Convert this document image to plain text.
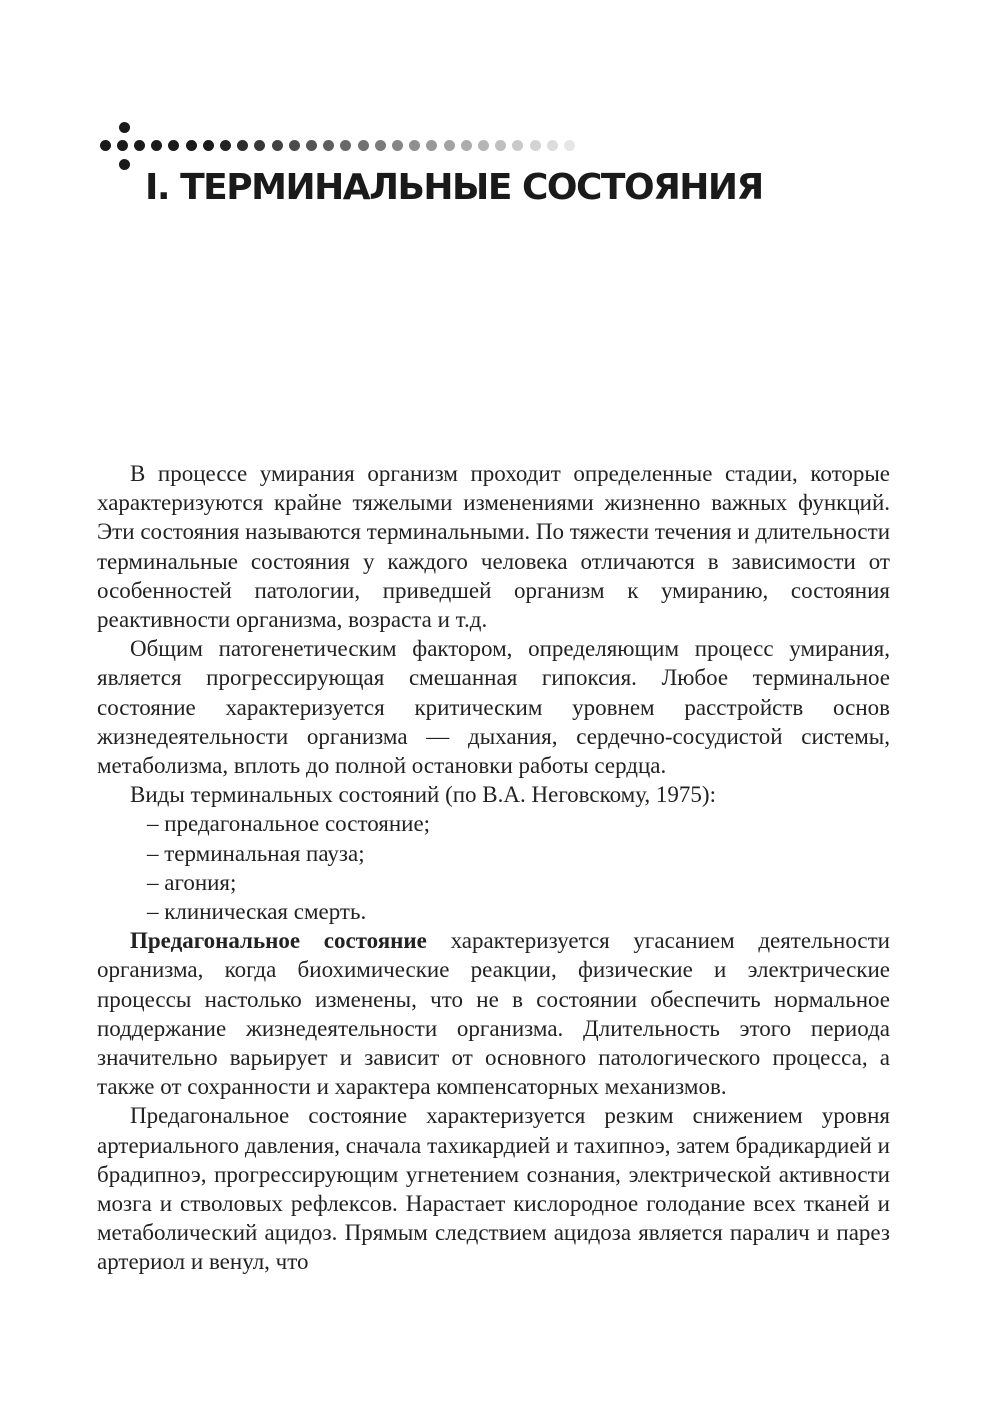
I. ТЕРМИНАЛЬНЫЕ СОСТОЯНИЯ

В процессе умирания организм проходит определенные стадии, которые характеризуются крайне тяжелыми изменениями жизненно важных функций. Эти состояния называются терминальными. По тяжести течения и длительности терминальные состояния у каждого человека отличаются в зависимости от особенностей патологии, приведшей организм к умиранию, состояния реактивности организма, возраста и т.д.

Общим патогенетическим фактором, определяющим процесс умирания, является прогрессирующая смешанная гипоксия. Любое терминальное состояние характеризуется критическим уровнем расстройств основ жизнедеятельности организма — дыхания, сердечно-сосудистой системы, метаболизма, вплоть до полной остановки работы сердца.

Виды терминальных состояний (по В.А. Неговскому, 1975):

– предагональное состояние;
– терминальная пауза;
– агония;
– клиническая смерть.

Предагональное состояние характеризуется угасанием деятельности организма, когда биохимические реакции, физические и электрические процессы настолько изменены, что не в состоянии обеспечить нормальное поддержание жизнедеятельности организма. Длительность этого периода значительно варьирует и зависит от основного патологического процесса, а также от сохранности и характера компенсаторных механизмов.

Предагональное состояние характеризуется резким снижением уровня артериального давления, сначала тахикардией и тахипноэ, затем брадикардией и брадипноэ, прогрессирующим угнетением сознания, электрической активности мозга и стволовых рефлексов. Нарастает кислородное голодание всех тканей и метаболический ацидоз. Прямым следствием ацидоза является паралич и парез артериол и венул, что
